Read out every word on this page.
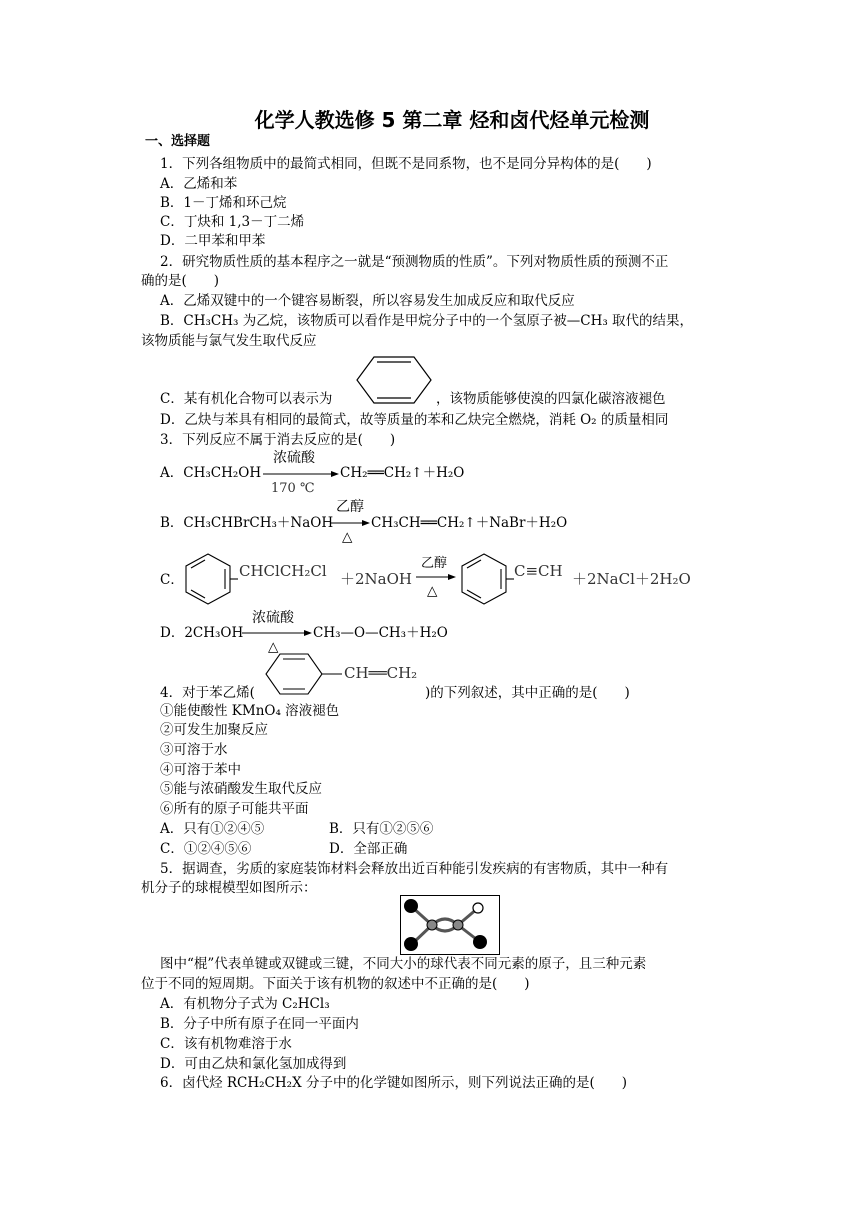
化学人教选修 5 第二章 烃和卤代烃单元检测
一、选择题
1．下列各组物质中的最简式相同，但既不是同系物，也不是同分异构体的是(　　)
A．乙烯和苯
B．1－丁烯和环己烷
C．丁炔和 1,3－丁二烯
D．二甲苯和甲苯
2．研究物质性质的基本程序之一就是“预测物质的性质”。下列对物质性质的预测不正
确的是(　　)
A．乙烯双键中的一个键容易断裂，所以容易发生加成反应和取代反应
B．CH₃CH₃ 为乙烷，该物质可以看作是甲烷分子中的一个氢原子被—CH₃ 取代的结果，
该物质能与氯气发生取代反应
C．某有机化合物可以表示为	，该物质能够使溴的四氯化碳溶液褪色
D．乙炔与苯具有相同的最简式，故等质量的苯和乙炔完全燃烧，消耗 O₂ 的质量相同
3．下列反应不属于消去反应的是(　　)
A．CH₃CH₂OH
浓硫酸
170 ℃
CH₂══CH₂↑＋H₂O
B．CH₃CHBrCH₃＋NaOH
乙醇
△
CH₃CH══CH₂↑＋NaBr＋H₂O
C．	CHClCH₂Cl ＋2NaOH
乙醇
△
C≡CH ＋2NaCl＋2H₂O
D．2CH₃OH
浓硫酸
△
CH₃—O—CH₃＋H₂O
4．对于苯乙烯(
CH══CH₂
)的下列叙述，其中正确的是(　　)
①能使酸性 KMnO₄ 溶液褪色
②可发生加聚反应
③可溶于水
④可溶于苯中
⑤能与浓硝酸发生取代反应
⑥所有的原子可能共平面
A．只有①②④⑤	B．只有①②⑤⑥
C．①②④⑤⑥	D．全部正确
5．据调查，劣质的家庭装饰材料会释放出近百种能引发疾病的有害物质，其中一种有
机分子的球棍模型如图所示：
图中“棍”代表单键或双键或三键，不同大小的球代表不同元素的原子，且三种元素
位于不同的短周期。下面关于该有机物的叙述中不正确的是(　　)
A．有机物分子式为 C₂HCl₃
B．分子中所有原子在同一平面内
C．该有机物难溶于水
D．可由乙炔和氯化氢加成得到
6．卤代烃 RCH₂CH₂X 分子中的化学键如图所示，则下列说法正确的是(　　)
